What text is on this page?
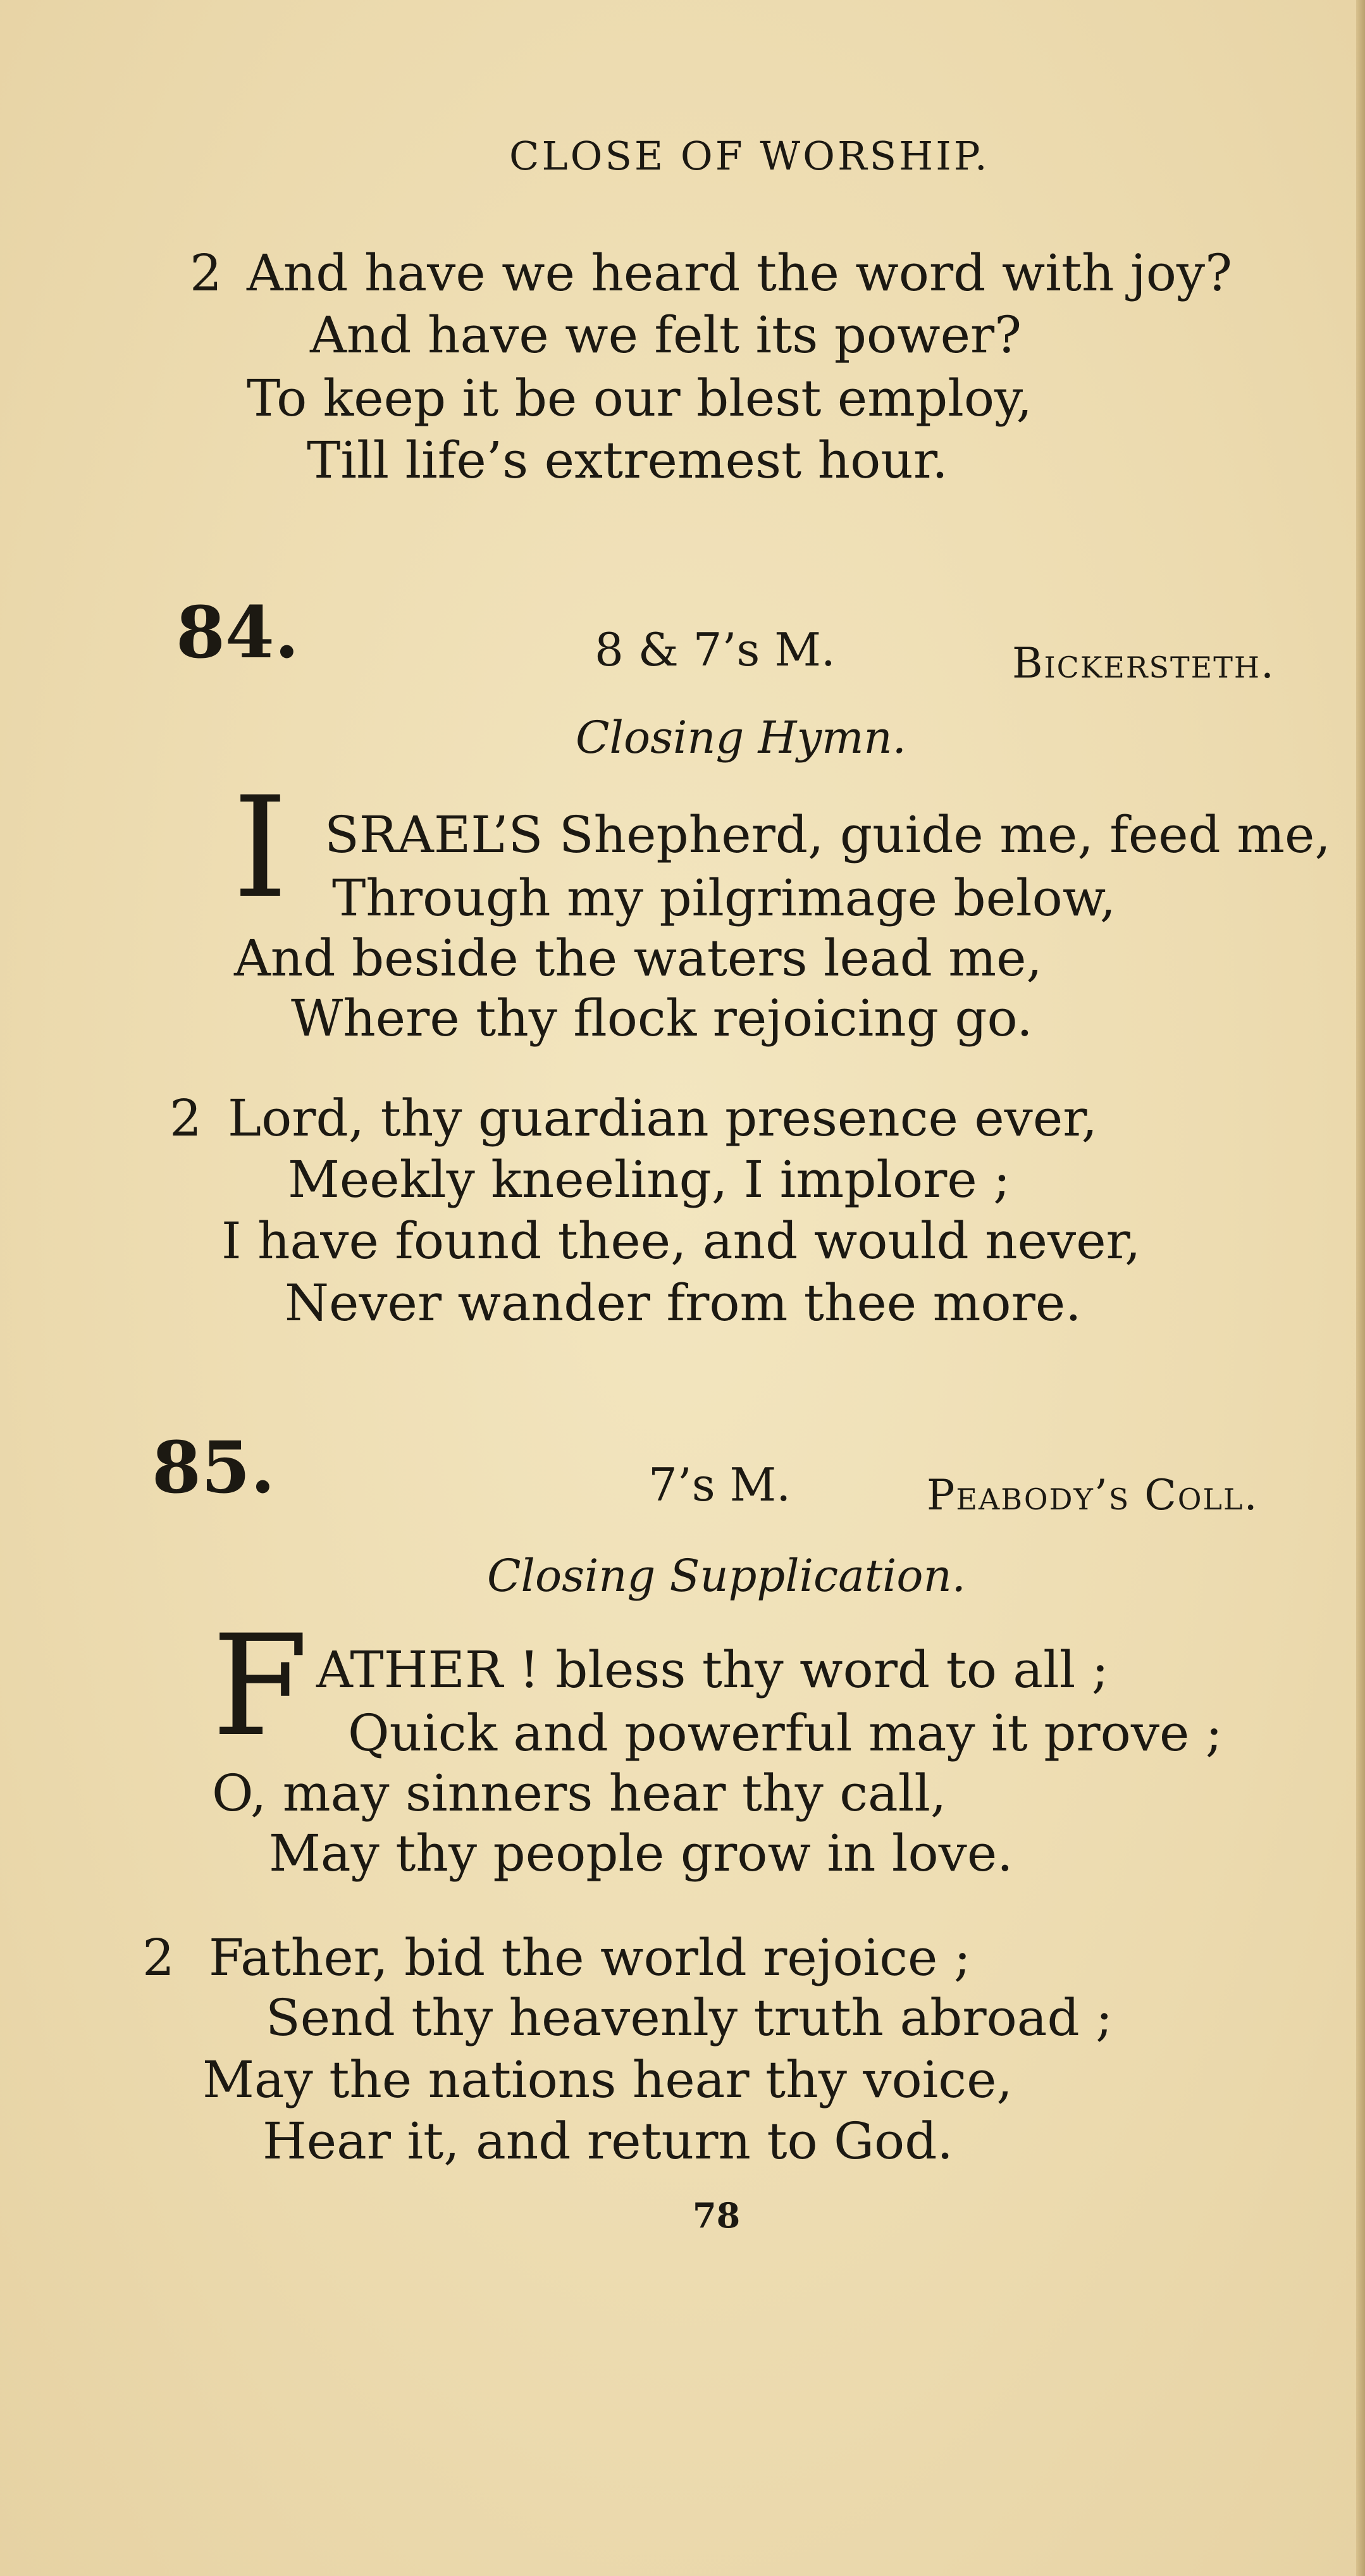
CLOSE OF WORSHIP.
2 And have we heard the word with joy?
And have we felt its power?
To keep it be our blest employ,
Till life’s extremest hour.
84.	8 & 7’s M.	Bickersteth.
Closing Hymn.
I SRAEL’S Shepherd, guide me, feed me,
Through my pilgrimage below,
And beside the waters lead me,
Where thy flock rejoicing go.
2 Lord, thy guardian presence ever,
Meekly kneeling, I implore ;
I have found thee, and would never,
Never wander from thee more.
85.	7’s M.	Peabody’s Coll.
Closing Supplication.
F ATHER ! bless thy word to all ;
Quick and powerful may it prove ;
O, may sinners hear thy call,
May thy people grow in love.
2 Father, bid the world rejoice ;
Send thy heavenly truth abroad ;
May the nations hear thy voice,
Hear it, and return to God.
78
